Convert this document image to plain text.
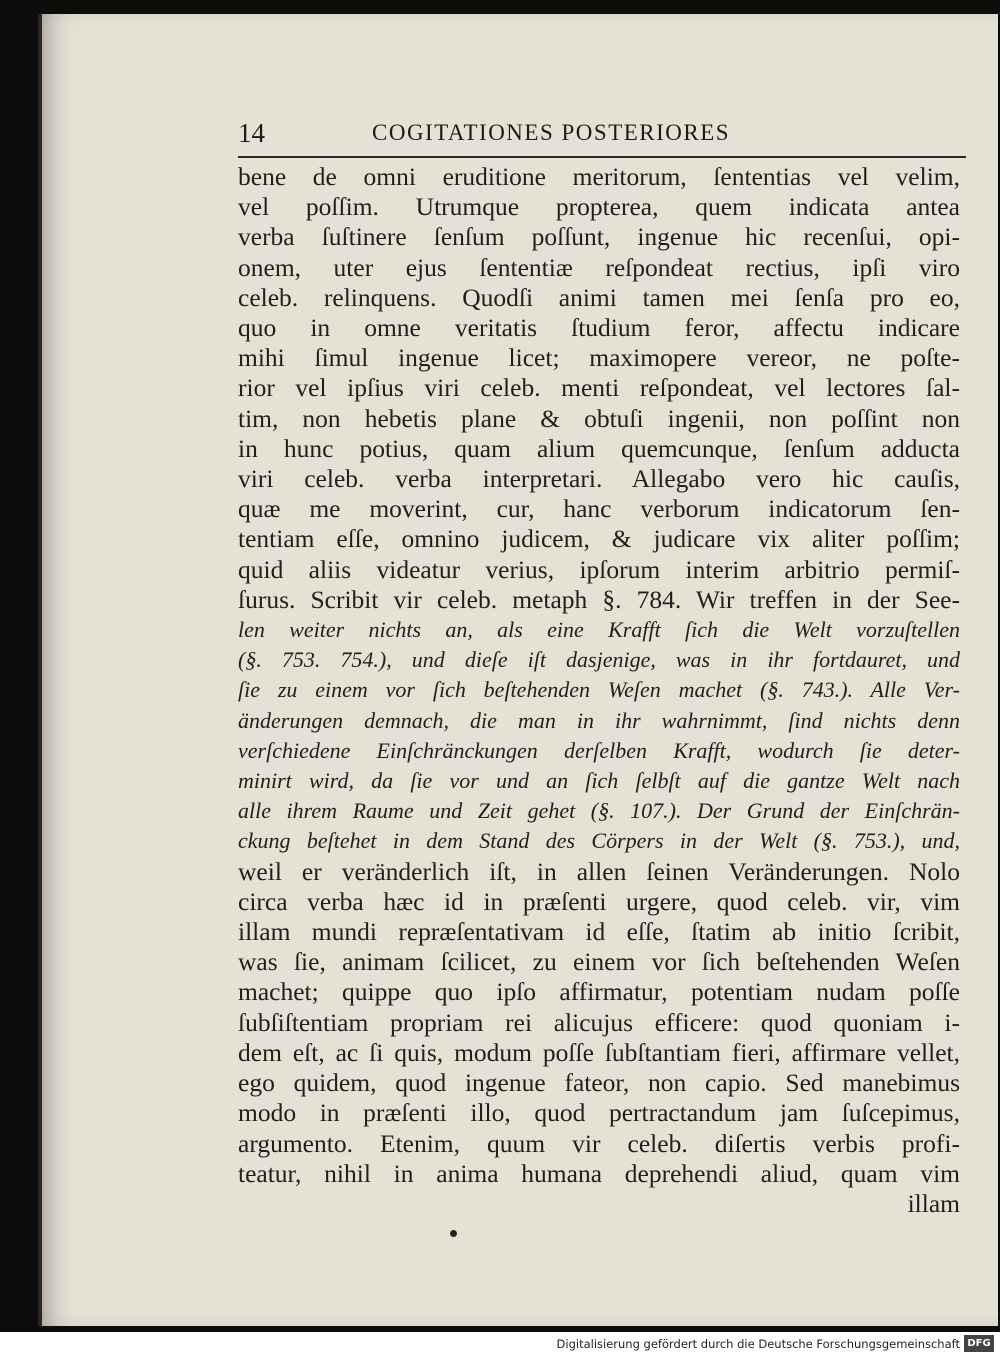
14	COGITATIONES POSTERIORES
bene de omni eruditione meritorum, ſententias vel velim,
vel poſſim. Utrumque propterea, quem indicata antea
verba ſuſtinere ſenſum poſſunt, ingenue hic recenſui, opi-
onem, uter ejus ſententiæ reſpondeat rectius, ipſi viro
celeb. relinquens. Quodſi animi tamen mei ſenſa pro eo,
quo in omne veritatis ſtudium feror, affectu indicare
mihi ſimul ingenue licet; maximopere vereor, ne poſte-
rior vel ipſius viri celeb. menti reſpondeat, vel lectores ſal-
tim, non hebetis plane & obtuſi ingenii, non poſſint non
in hunc potius, quam alium quemcunque, ſenſum adducta
viri celeb. verba interpretari. Allegabo vero hic cauſis,
quæ me moverint, cur, hanc verborum indicatorum ſen-
tentiam eſſe, omnino judicem, & judicare vix aliter poſſim;
quid aliis videatur verius, ipſorum interim arbitrio permiſ-
ſurus. Scribit vir celeb. metaph §. 784. Wir treffen in der See-
len weiter nichts an, als eine Krafft ſich die Welt vorzuſtellen
(§. 753. 754.), und dieſe iſt dasjenige, was in ihr fortdauret, und
ſie zu einem vor ſich beſtehenden Weſen machet (§. 743.). Alle Ver-
änderungen demnach, die man in ihr wahrnimmt, ſind nichts denn
verſchiedene Einſchränckungen derſelben Krafft, wodurch ſie deter-
minirt wird, da ſie vor und an ſich ſelbſt auf die gantze Welt nach
alle ihrem Raume und Zeit gehet (§. 107.). Der Grund der Einſchrän-
ckung beſtehet in dem Stand des Cörpers in der Welt (§. 753.), und,
weil er veränderlich iſt, in allen ſeinen Veränderungen. Nolo
circa verba hæc id in præſenti urgere, quod celeb. vir, vim
illam mundi repræſentativam id eſſe, ſtatim ab initio ſcribit,
was ſie, animam ſcilicet, zu einem vor ſich beſtehenden Weſen
machet; quippe quo ipſo affirmatur, potentiam nudam poſſe
ſubſiſtentiam propriam rei alicujus efficere: quod quoniam i-
dem eſt, ac ſi quis, modum poſſe ſubſtantiam fieri, affirmare vellet,
ego quidem, quod ingenue fateor, non capio. Sed manebimus
modo in præſenti illo, quod pertractandum jam ſuſcepimus,
argumento. Etenim, quum vir celeb. diſertis verbis profi-
teatur, nihil in anima humana deprehendi aliud, quam vim
illam
Digitalisierung gefördert durch die Deutsche Forschungsgemeinschaft DFG
